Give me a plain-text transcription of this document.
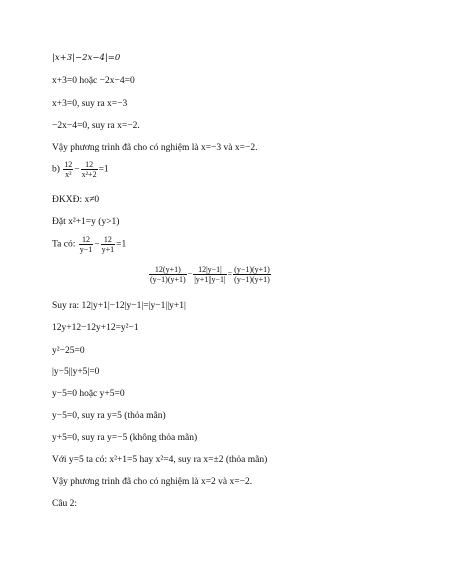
|x+3|−2x−4|=0
x+3=0 hoặc −2x−4=0
x+3=0, suy ra x=−3
−2x−4=0, suy ra x=−2.
Vậy phương trình đã cho có nghiệm là x=−3 và x=−2.
$b) \frac{12}{\text{x²}} - \frac{12}{\text{x²+2}} =1$
ĐKXĐ: x≠0
Đặt x²+1=y (y>1)
Ta có: $\frac{12}{y-1} - \frac{12}{y+1} =1$
$\frac{12(y+1)}{(y-1)(y+1)} - \frac{12|y-1|}{|y+1||y-1|} = \frac{(y-1)(y+1)}{(y-1)(y+1)}$
Suy ra: 12|y+1|−12|y−1|=|y−1||y+1|
12y+12−12y+12=y²−1
y²−25=0
|y−5||y+5|=0
y−5=0 hoặc y+5=0
y−5=0, suy ra y=5 (thỏa mãn)
y+5=0, suy ra y=−5 (không thỏa mãn)
Với y=5 ta có: x²+1=5 hay x²=4, suy ra x=±2 (thỏa mãn)
Vậy phương trình đã cho có nghiệm là x=2 và x=−2.
Câu 2:
